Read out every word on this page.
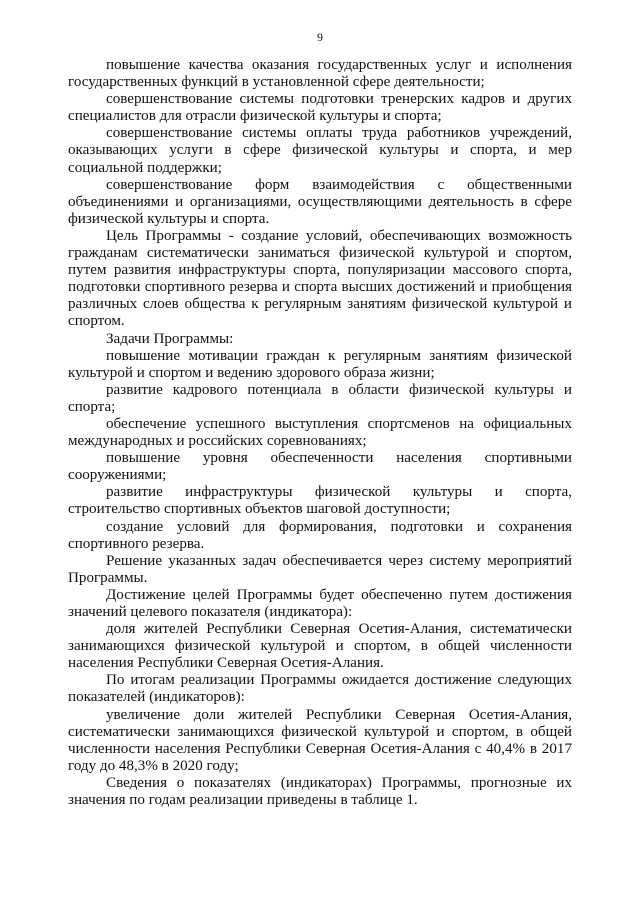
9

повышение качества оказания государственных услуг и исполнения государственных функций в установленной сфере деятельности;

совершенствование системы подготовки тренерских кадров и других специалистов для отрасли физической культуры и спорта;

совершенствование системы оплаты труда работников учреждений, оказывающих услуги в сфере физической культуры и спорта, и мер социальной поддержки;

совершенствование форм взаимодействия с общественными объединениями и организациями, осуществляющими деятельность в сфере физической культуры и спорта.

Цель Программы - создание условий, обеспечивающих возможность гражданам систематически заниматься физической культурой и спортом, путем развития инфраструктуры спорта, популяризации массового спорта, подготовки спортивного резерва и спорта высших достижений и приобщения различных слоев общества к регулярным занятиям физической культурой и спортом.

Задачи Программы:

повышение мотивации граждан к регулярным занятиям физической культурой и спортом и ведению здорового образа жизни;

развитие кадрового потенциала в области физической культуры и спорта;

обеспечение успешного выступления спортсменов на официальных международных и российских соревнованиях;

повышение уровня обеспеченности населения спортивными сооружениями;

развитие инфраструктуры физической культуры и спорта, строительство спортивных объектов шаговой доступности;

создание условий для формирования, подготовки и сохранения спортивного резерва.

Решение указанных задач обеспечивается через систему мероприятий Программы.

Достижение целей Программы будет обеспеченно путем достижения значений целевого показателя (индикатора):

доля жителей Республики Северная Осетия-Алания, систематически занимающихся физической культурой и спортом, в общей численности населения Республики Северная Осетия-Алания.

По итогам реализации Программы ожидается достижение следующих показателей (индикаторов):

увеличение доли жителей Республики Северная Осетия-Алания, систематически занимающихся физической культурой и спортом, в общей численности населения Республики Северная Осетия-Алания с 40,4% в 2017 году до 48,3% в 2020 году;

Сведения о показателях (индикаторах) Программы, прогнозные их значения по годам реализации приведены в таблице 1.
